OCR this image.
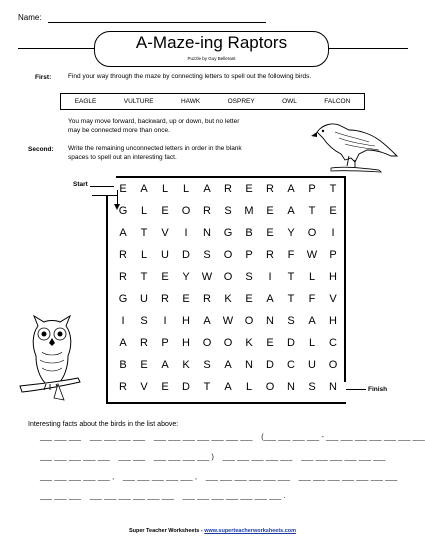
Name:
A-Maze-ing Raptors
Puzzle by Guy Bellerant
First:	Find your way through the maze by connecting letters to spell out the following birds.
EAGLE	VULTURE	HAWK	OSPREY	OWL	FALCON
You may move forward, backward, up or down, but no letter
may be connected more than once.
Second: Write the remaining unconnected letters in order in the blank
spaces to spell out an interesting fact.
Start	E	A	L	L	A	R	E	R	A	P	T
G	L	E	O	R	S	M	E	A	T	E
A	T	V	I	N	G	B	E	Y	O	I
R	L	U	D	S	O	P	R	F	W	P
R	T	E	Y	W	O	S	I	T	L	H
G	U	R	E	R	K	E	A	T	F	V
I	S	I	H	A	W	O	N	S	A	H
A	R	P	H	O	O	K	E	D	L	C
B	E	A	K	S	A	N	D	C	U	O
R	V	E	D	T	A	L	O	N	S	N	Finish
Interesting facts about the birds in the list above:
___ ___ ___    ___ ___ ___ ___    ___ ___ ___ ___ ___ ___ ___    (___ ___ ___ ___ - ___ ___ ___ ___ ___ ___ ___
___ ___ ___ ___ ___    ___ ___    ___ ___ ___ ___ )    ___ ___ ___ ___ ___    ___ ___ ___ ___ ___ ___
___ ___ ___ ___ ___ ,    ___ ___ ___ ___ ___ ,    ___ ___ ___ ___ ___ ___    ___ ___ ___ ___ ___ ___ ___
___ ___ ___    ___ ___ ___ ___ ___ ___    ___ ___ ___ ___ ___ ___ ___ .
Super Teacher Worksheets - www.superteacherworksheets.com
